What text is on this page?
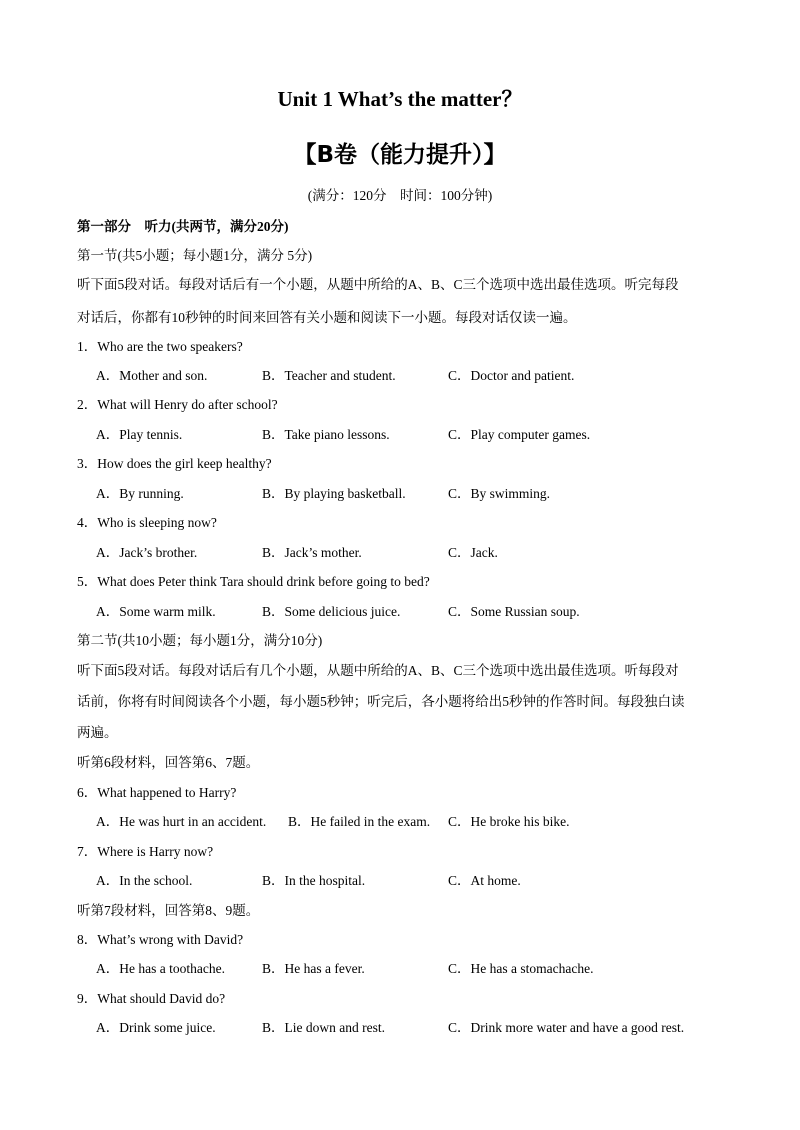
Unit 1 What’s the matter？
【B卷（能力提升）】
(满分：120分　时间：100分钟)
第一部分　听力(共两节，满分20分)
第一节(共5小题；每小题1分，满分 5分)
听下面5段对话。每段对话后有一个小题，从题中所给的A、B、C三个选项中选出最佳选项。听完每段
对话后，你都有10秒钟的时间来回答有关小题和阅读下一小题。每段对话仅读一遍。
1．Who are the two speakers?
A．Mother and son.	B．Teacher and student.	C．Doctor and patient.
2．What will Henry do after school?
A．Play tennis.	B．Take piano lessons.	C．Play computer games.
3．How does the girl keep healthy?
A．By running.	B．By playing basketball.	C．By swimming.
4．Who is sleeping now?
A．Jack’s brother.	B．Jack’s mother.	C．Jack.
5．What does Peter think Tara should drink before going to bed?
A．Some warm milk.	B．Some delicious juice.	C．Some Russian soup.
第二节(共10小题；每小题1分，满分10分)
听下面5段对话。每段对话后有几个小题，从题中所给的A、B、C三个选项中选出最佳选项。听每段对
话前，你将有时间阅读各个小题，每小题5秒钟；听完后，各小题将给出5秒钟的作答时间。每段独白读
两遍。
听第6段材料，回答第6、7题。
6．What happened to Harry?
A．He was hurt in an accident. B．He failed in the exam. C．He broke his bike.
7．Where is Harry now?
A．In the school.	B．In the hospital.	C．At home.
听第7段材料，回答第8、9题。
8．What’s wrong with David?
A．He has a toothache.	B．He has a fever.	C．He has a stomachache.
9．What should David do?
A．Drink some juice.	B．Lie down and rest.	C．Drink more water and have a good rest.
